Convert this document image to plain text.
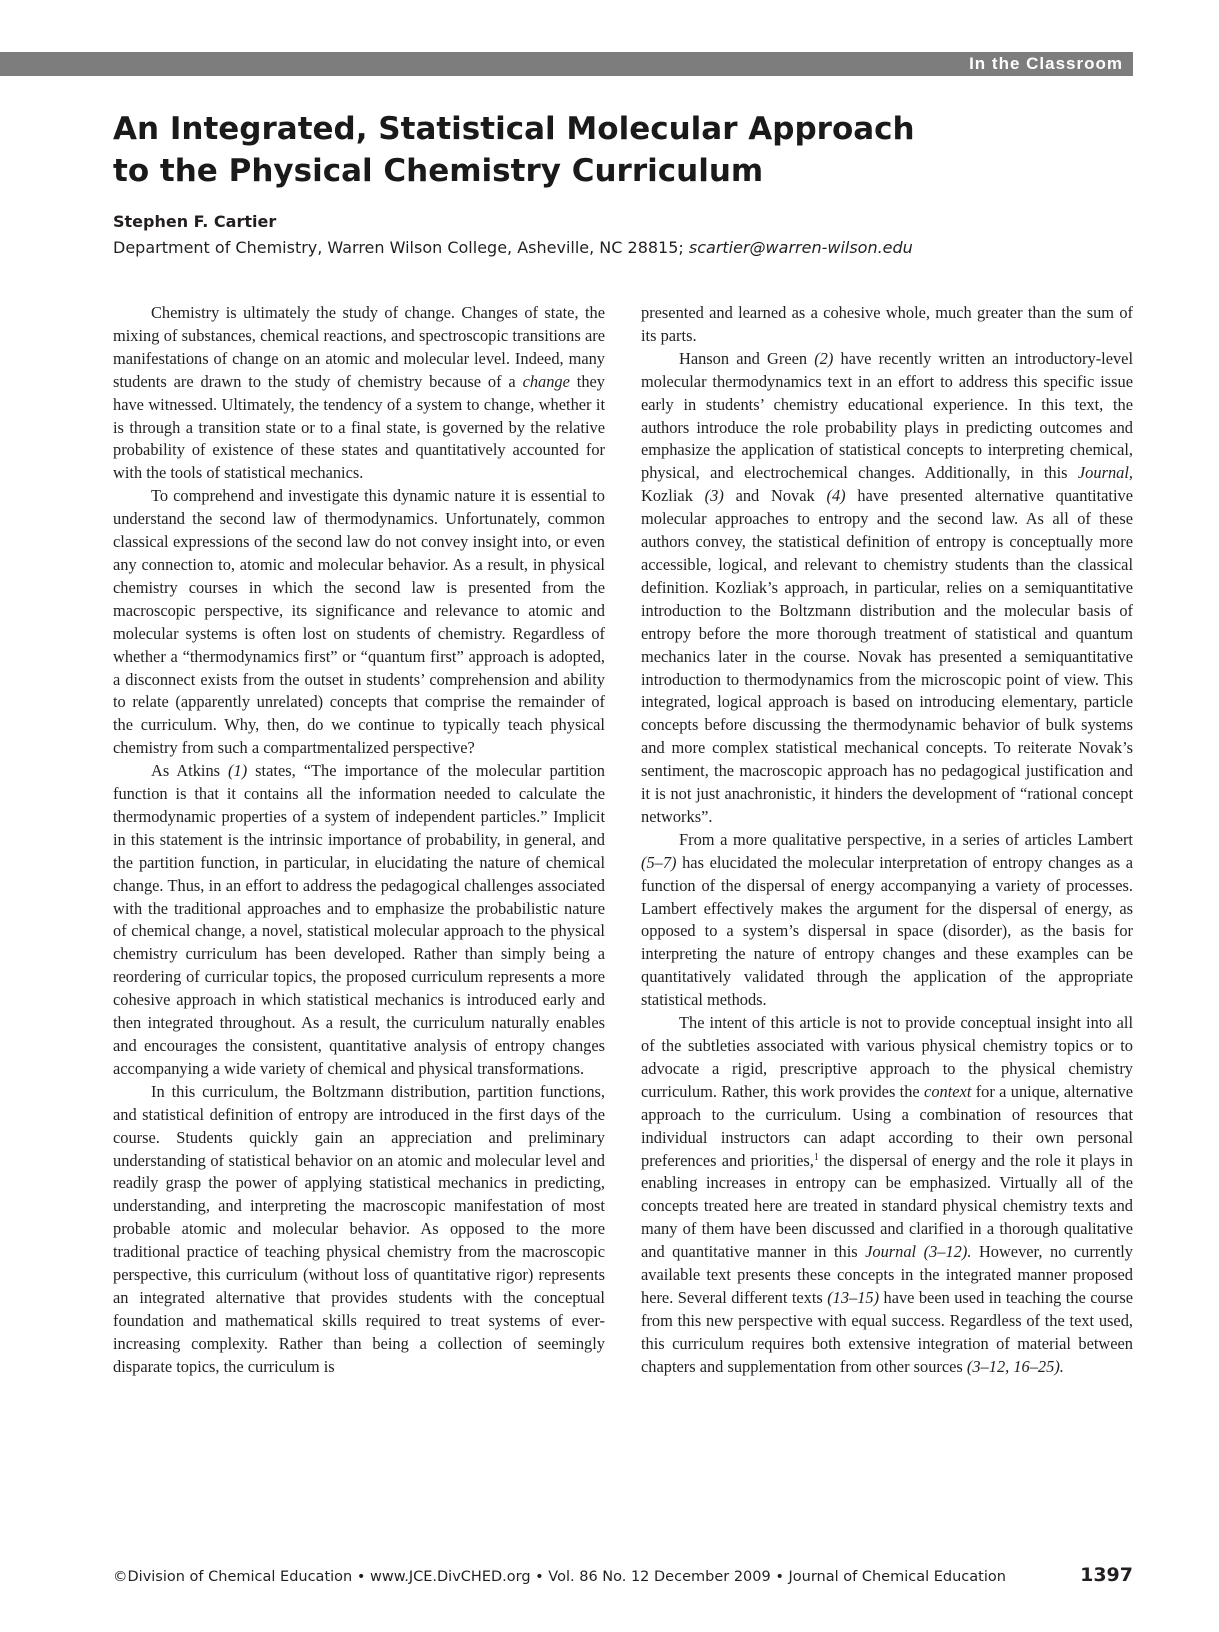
In the Classroom
An Integrated, Statistical Molecular Approach
to the Physical Chemistry Curriculum
Stephen F. Cartier
Department of Chemistry, Warren Wilson College, Asheville, NC 28815; scartier@warren-wilson.edu

Chemistry is ultimately the study of change. Changes of state, the mixing of substances, chemical reactions, and spectroscopic transitions are manifestations of change on an atomic and molecular level. Indeed, many students are drawn to the study of chemistry because of a change they have witnessed. Ultimately, the tendency of a system to change, whether it is through a transition state or to a final state, is governed by the relative probability of existence of these states and quantitatively accounted for with the tools of statistical mechanics.

To comprehend and investigate this dynamic nature it is essential to understand the second law of thermodynamics. Unfortunately, common classical expressions of the second law do not convey insight into, or even any connection to, atomic and molecular behavior. As a result, in physical chemistry courses in which the second law is presented from the macroscopic perspective, its significance and relevance to atomic and molecular systems is often lost on students of chemistry. Regardless of whether a “thermodynamics first” or “quantum first” approach is adopted, a disconnect exists from the outset in students’ comprehension and ability to relate (apparently unrelated) concepts that comprise the remainder of the curriculum. Why, then, do we continue to typically teach physical chemistry from such a compartmentalized perspective?

As Atkins (1) states, “The importance of the molecular partition function is that it contains all the information needed to calculate the thermodynamic properties of a system of independent particles.” Implicit in this statement is the intrinsic importance of probability, in general, and the partition function, in particular, in elucidating the nature of chemical change. Thus, in an effort to address the pedagogical challenges associated with the traditional approaches and to emphasize the probabilistic nature of chemical change, a novel, statistical molecular approach to the physical chemistry curriculum has been developed. Rather than simply being a reordering of curricular topics, the proposed curriculum represents a more cohesive approach in which statistical mechanics is introduced early and then integrated throughout. As a result, the curriculum naturally enables and encourages the consistent, quantitative analysis of entropy changes accompanying a wide variety of chemical and physical transformations.

In this curriculum, the Boltzmann distribution, partition functions, and statistical definition of entropy are introduced in the first days of the course. Students quickly gain an appreciation and preliminary understanding of statistical behavior on an atomic and molecular level and readily grasp the power of applying statistical mechanics in predicting, understanding, and interpreting the macroscopic manifestation of most probable atomic and molecular behavior. As opposed to the more traditional practice of teaching physical chemistry from the macroscopic perspective, this curriculum (without loss of quantitative rigor) represents an integrated alternative that provides students with the conceptual foundation and mathematical skills required to treat systems of ever-increasing complexity. Rather than being a collection of seemingly disparate topics, the curriculum is

presented and learned as a cohesive whole, much greater than the sum of its parts.

Hanson and Green (2) have recently written an introductory-level molecular thermodynamics text in an effort to address this specific issue early in students’ chemistry educational experience. In this text, the authors introduce the role probability plays in predicting outcomes and emphasize the application of statistical concepts to interpreting chemical, physical, and electrochemical changes. Additionally, in this Journal, Kozliak (3) and Novak (4) have presented alternative quantitative molecular approaches to entropy and the second law. As all of these authors convey, the statistical definition of entropy is conceptually more accessible, logical, and relevant to chemistry students than the classical definition. Kozliak’s approach, in particular, relies on a semiquantitative introduction to the Boltzmann distribution and the molecular basis of entropy before the more thorough treatment of statistical and quantum mechanics later in the course. Novak has presented a semiquantitative introduction to thermodynamics from the microscopic point of view. This integrated, logical approach is based on introducing elementary, particle concepts before discussing the thermodynamic behavior of bulk systems and more complex statistical mechanical concepts. To reiterate Novak’s sentiment, the macroscopic approach has no pedagogical justification and it is not just anachronistic, it hinders the development of “rational concept networks”.

From a more qualitative perspective, in a series of articles Lambert (5–7) has elucidated the molecular interpretation of entropy changes as a function of the dispersal of energy accompanying a variety of processes. Lambert effectively makes the argument for the dispersal of energy, as opposed to a system’s dispersal in space (disorder), as the basis for interpreting the nature of entropy changes and these examples can be quantitatively validated through the application of the appropriate statistical methods.

The intent of this article is not to provide conceptual insight into all of the subtleties associated with various physical chemistry topics or to advocate a rigid, prescriptive approach to the physical chemistry curriculum. Rather, this work provides the context for a unique, alternative approach to the curriculum. Using a combination of resources that individual instructors can adapt according to their own personal preferences and priorities,$^1$ the dispersal of energy and the role it plays in enabling increases in entropy can be emphasized. Virtually all of the concepts treated here are treated in standard physical chemistry texts and many of them have been discussed and clarified in a thorough qualitative and quantitative manner in this Journal (3–12). However, no currently available text presents these concepts in the integrated manner proposed here. Several different texts (13–15) have been used in teaching the course from this new perspective with equal success. Regardless of the text used, this curriculum requires both extensive integration of material between chapters and supplementation from other sources (3–12, 16–25).

©Division of Chemical Education • www.JCE.DivCHED.org • Vol. 86 No. 12 December 2009 • Journal of Chemical Education	1397
